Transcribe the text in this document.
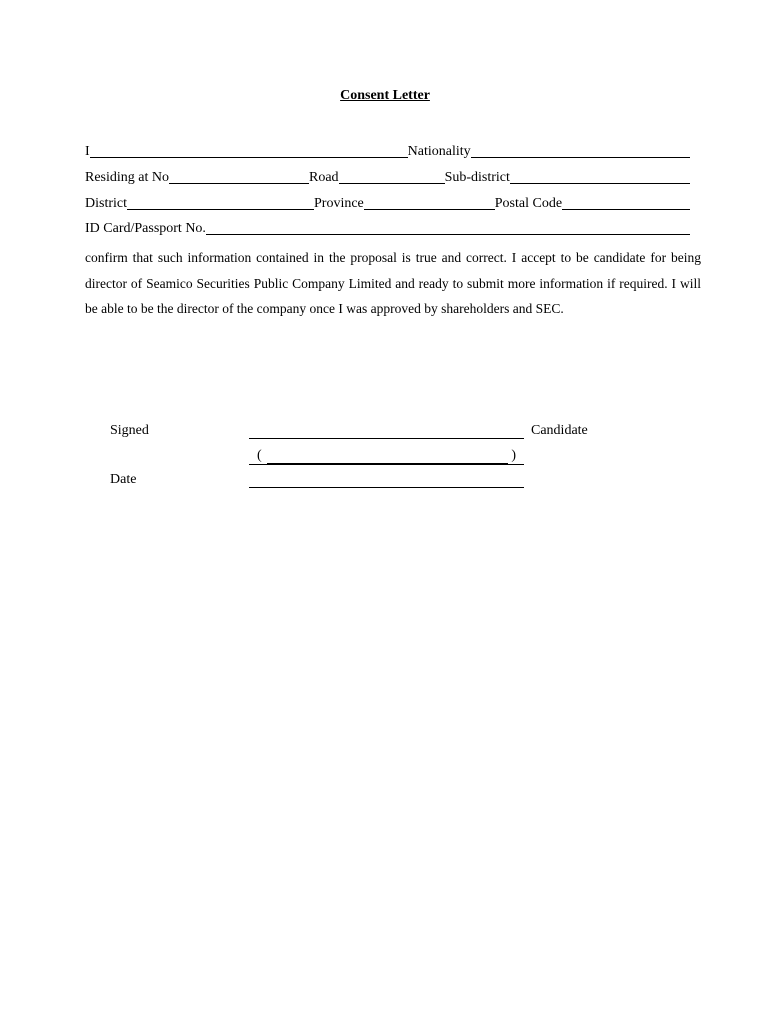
Consent Letter
I	Nationality
Residing at No	Road	Sub-district
District	Province	Postal Code
ID Card/Passport No.
confirm that such information contained in the proposal is true and correct. I accept to be candidate for being director of Seamico Securities Public Company Limited and ready to submit more information if required. I will be able to be the director of the company once I was approved by shareholders and SEC.
Signed	Candidate
(	)
Date
